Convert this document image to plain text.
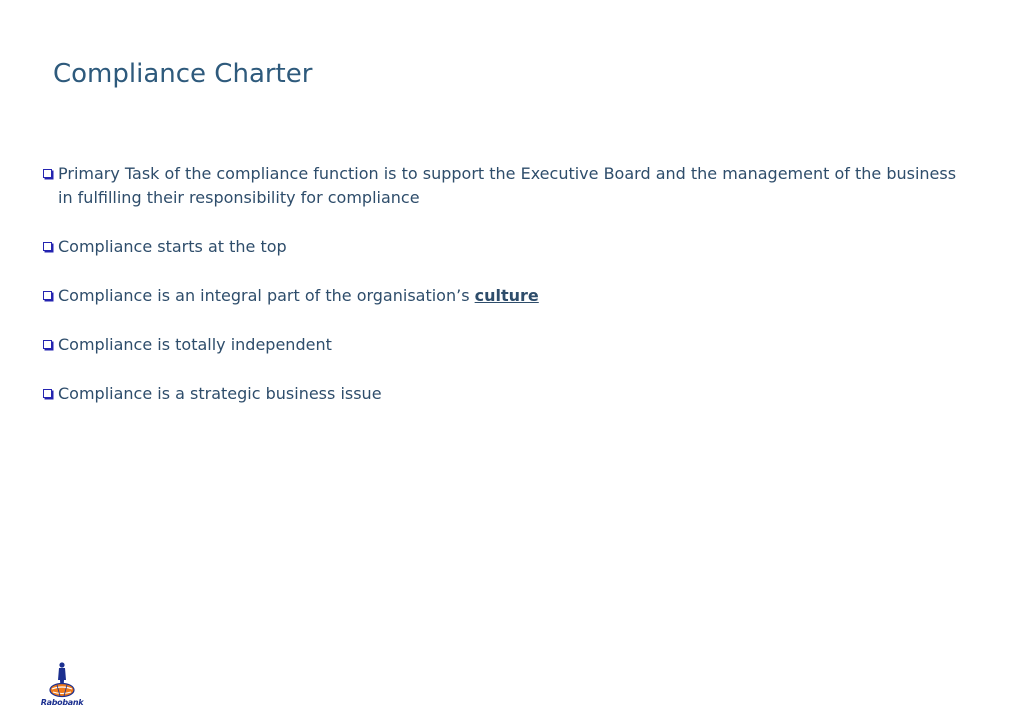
Compliance Charter
Primary Task of the compliance function is to support the Executive Board and the management of the business in fulfilling their responsibility for compliance
Compliance starts at the top
Compliance is an integral part of the organisation’s culture
Compliance is totally independent
Compliance is a strategic business issue
Rabobank
